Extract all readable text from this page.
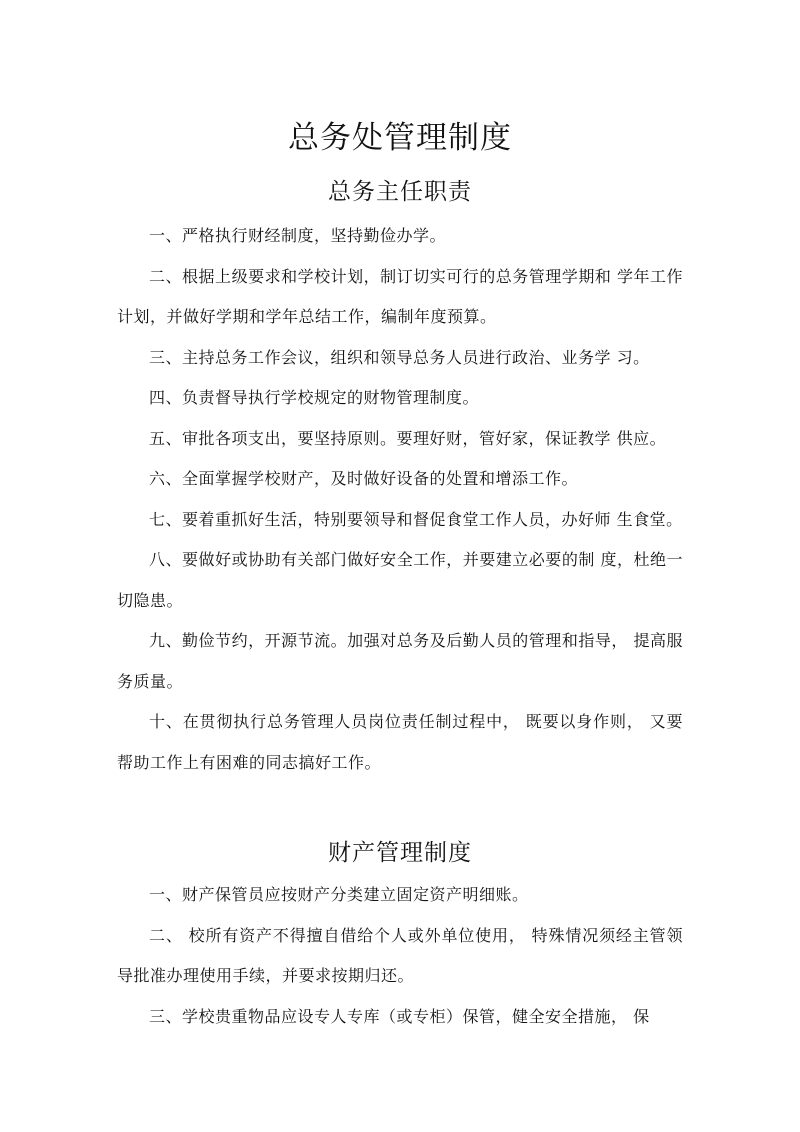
总务处管理制度
总务主任职责

一、严格执行财经制度，坚持勤俭办学。

二、根据上级要求和学校计划，制订切实可行的总务管理学期和 学年工作计划，并做好学期和学年总结工作，编制年度预算。

三、主持总务工作会议，组织和领导总务人员进行政治、业务学 习。

四、负责督导执行学校规定的财物管理制度。

五、审批各项支出，要坚持原则。要理好财，管好家，保证教学 供应。

六、全面掌握学校财产，及时做好设备的处置和增添工作。

七、要着重抓好生活，特别要领导和督促食堂工作人员，办好师 生食堂。

八、要做好或协助有关部门做好安全工作，并要建立必要的制 度，杜绝一切隐患。

九、勤俭节约，开源节流。加强对总务及后勤人员的管理和指导， 提高服务质量。

十、在贯彻执行总务管理人员岗位责任制过程中， 既要以身作则， 又要帮助工作上有困难的同志搞好工作。

财产管理制度

一、财产保管员应按财产分类建立固定资产明细账。

二、 校所有资产不得擅自借给个人或外单位使用， 特殊情况须经主管领导批准办理使用手续，并要求按期归还。

三、学校贵重物品应设专人专库（或专柜）保管，健全安全措施， 保
